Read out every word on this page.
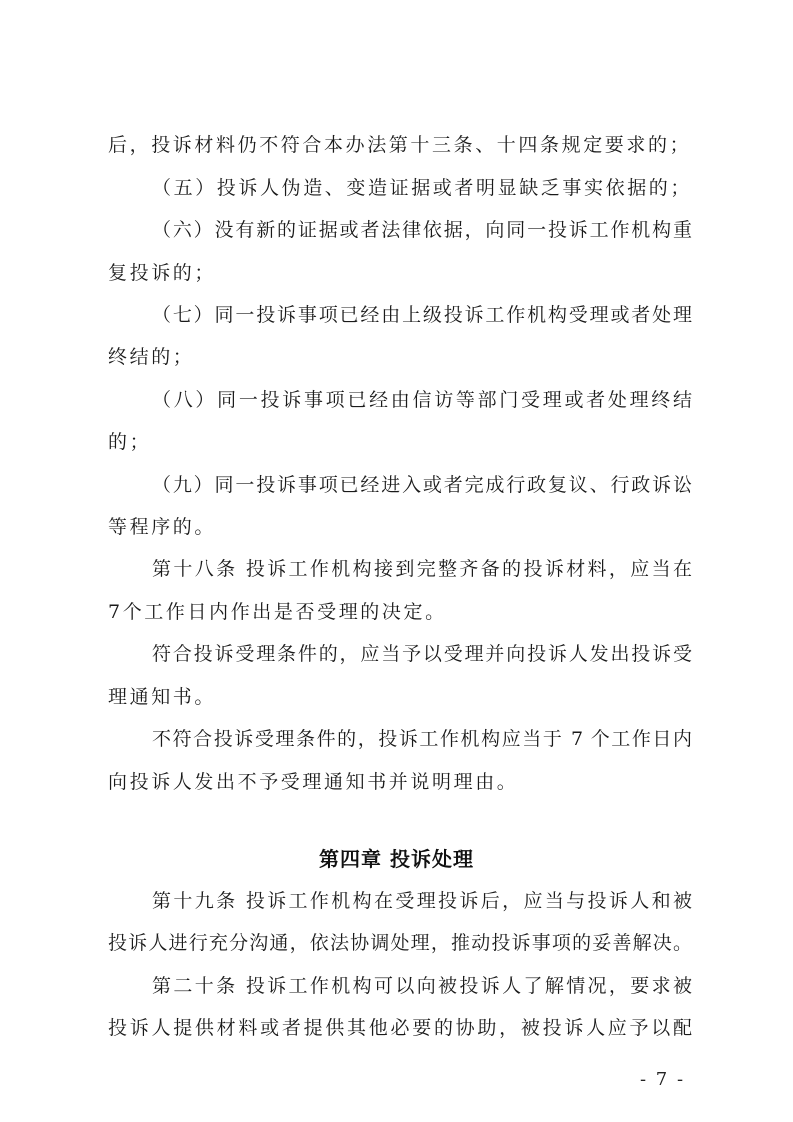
后，投诉材料仍不符合本办法第十三条、十四条规定要求的；
（五）投诉人伪造、变造证据或者明显缺乏事实依据的；
（六）没有新的证据或者法律依据，向同一投诉工作机构重
复投诉的；
（七）同一投诉事项已经由上级投诉工作机构受理或者处理
终结的；
（八）同一投诉事项已经由信访等部门受理或者处理终结
的；
（九）同一投诉事项已经进入或者完成行政复议、行政诉讼
等程序的。
第十八条 投诉工作机构接到完整齐备的投诉材料，应当在
7个工作日内作出是否受理的决定。
符合投诉受理条件的，应当予以受理并向投诉人发出投诉受
理通知书。
不符合投诉受理条件的，投诉工作机构应当于 7 个工作日内
向投诉人发出不予受理通知书并说明理由。
第四章 投诉处理
第十九条 投诉工作机构在受理投诉后，应当与投诉人和被
投诉人进行充分沟通，依法协调处理，推动投诉事项的妥善解决。
第二十条 投诉工作机构可以向被投诉人了解情况，要求被
投诉人提供材料或者提供其他必要的协助，被投诉人应予以配
- 7 -
